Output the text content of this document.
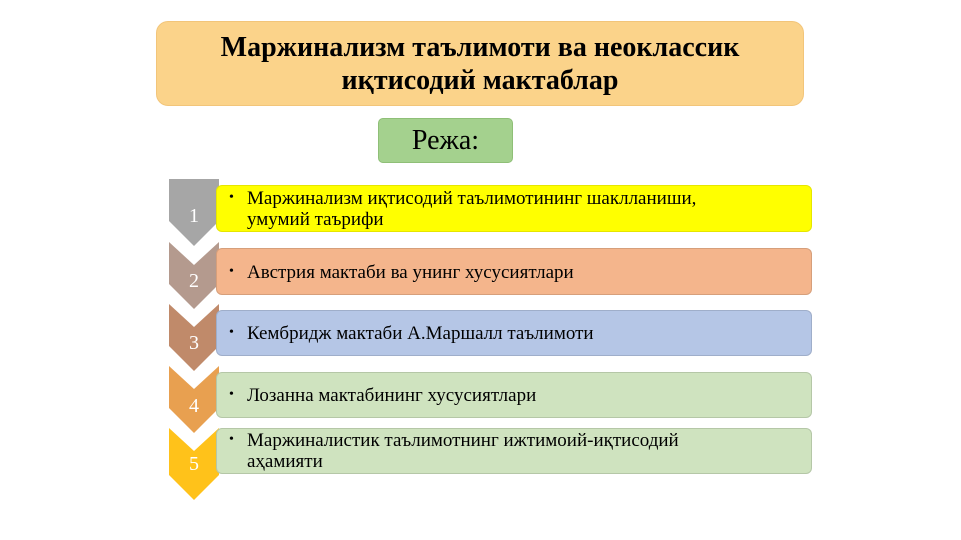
Маржинализм таълимоти ва неоклассик
иқтисодий мактаблар
Режа:
1
2
3
4
5
• Маржинализм иқтисодий таълимотининг шаклланиши,
умумий таърифи
• Австрия мактаби ва унинг хусусиятлари
• Кембридж мактаби А.Маршалл таълимоти
• Лозанна мактабининг хусусиятлари
• Маржиналистик таълимотнинг ижтимоий-иқтисодий
аҳамияти
